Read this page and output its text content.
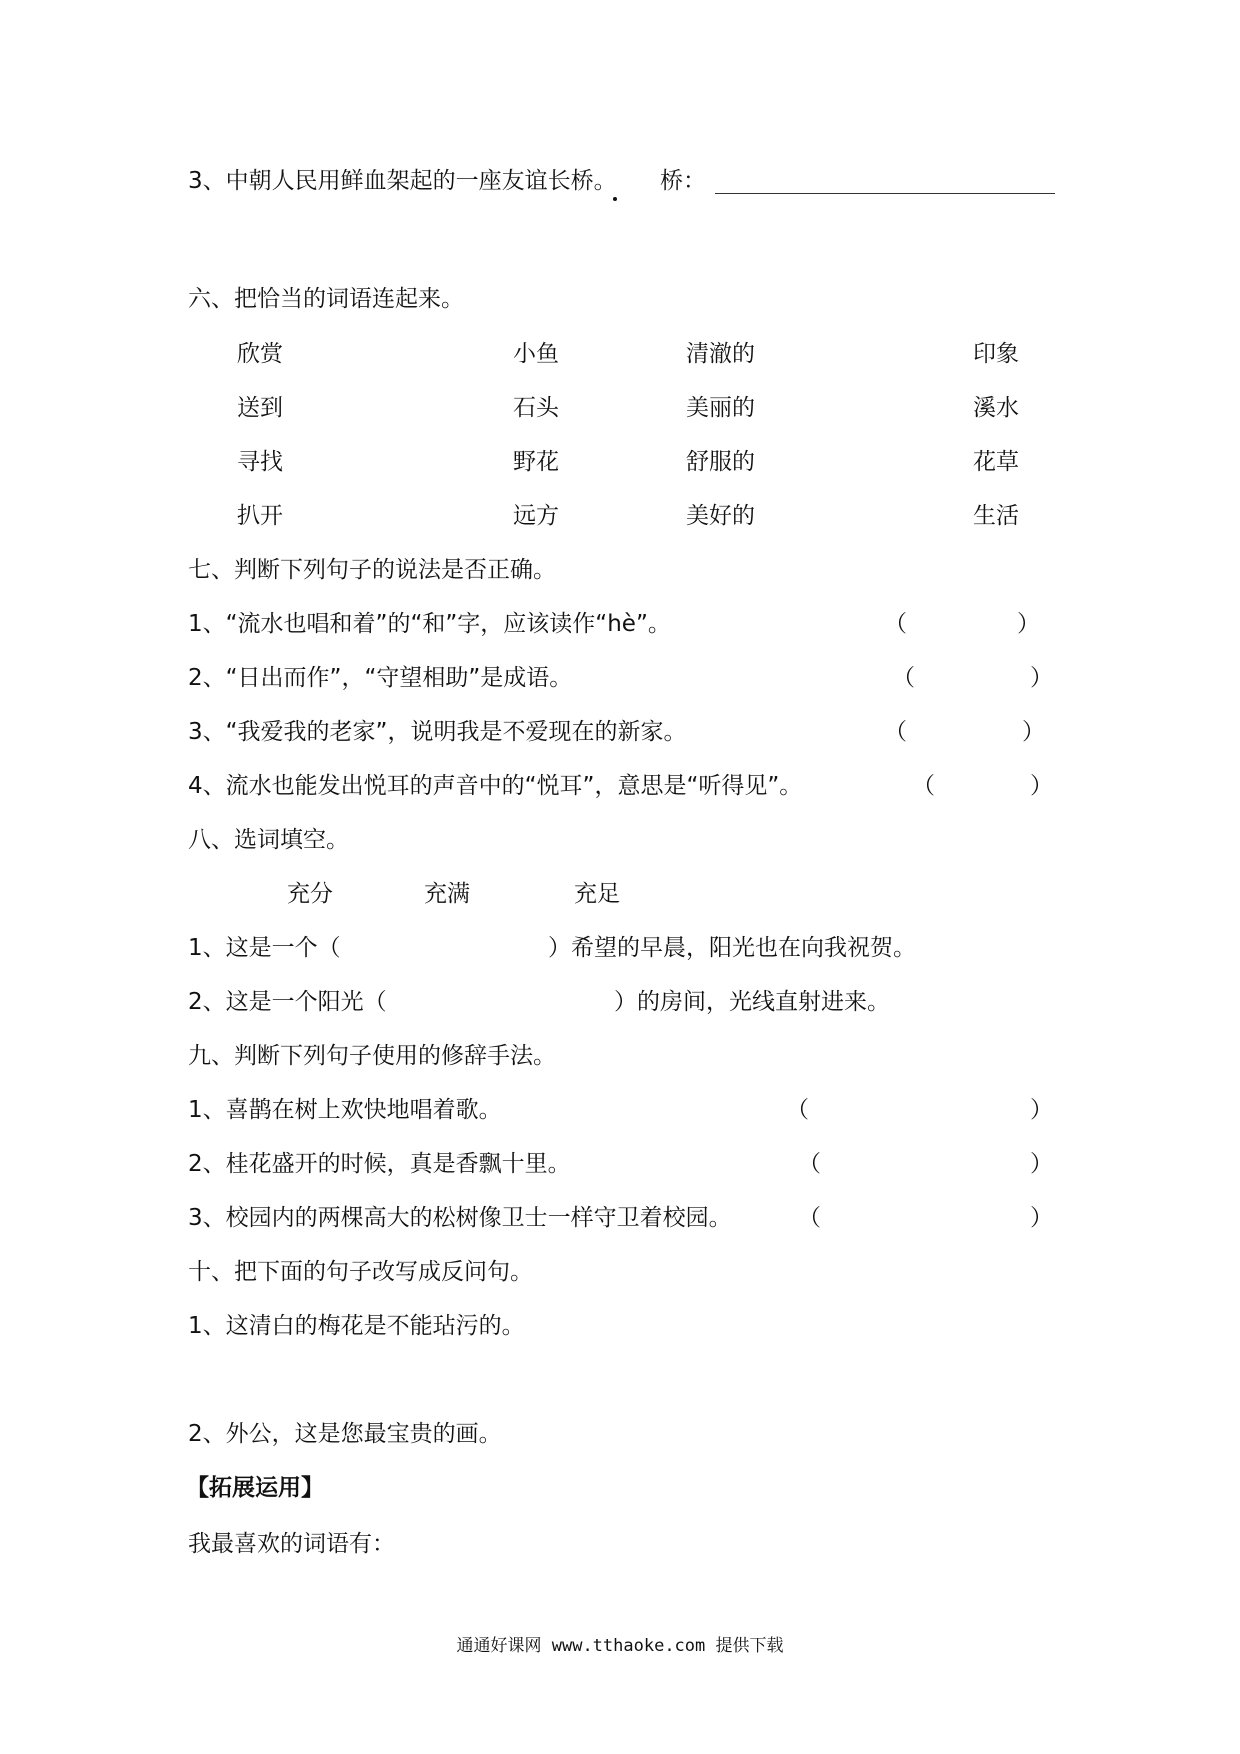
3、中朝人民用鲜血架起的一座友谊长桥。 桥：
六、把恰当的词语连起来。
欣赏	小鱼	清澈的	印象
送到	石头	美丽的	溪水
寻找	野花	舒服的	花草
扒开	远方	美好的	生活
七、判断下列句子的说法是否正确。
1、“流水也唱和着”的“和”字，应该读作“hè”。	（	）
2、“日出而作”，“守望相助”是成语。	（	）
3、“我爱我的老家”，说明我是不爱现在的新家。	（	）
4、流水也能发出悦耳的声音中的“悦耳”，意思是“听得见”。	（	）
八、选词填空。
充分	充满	充足
1、这是一个（	）希望的早晨，阳光也在向我祝贺。
2、这是一个阳光（	）的房间，光线直射进来。
九、判断下列句子使用的修辞手法。
1、喜鹊在树上欢快地唱着歌。	（	）
2、桂花盛开的时候，真是香飘十里。	（	）
3、校园内的两棵高大的松树像卫士一样守卫着校园。	（	）
十、把下面的句子改写成反问句。
1、这清白的梅花是不能玷污的。
2、外公，这是您最宝贵的画。
【拓展运用】
我最喜欢的词语有：
通通好课网 www.tthaoke.com 提供下载
